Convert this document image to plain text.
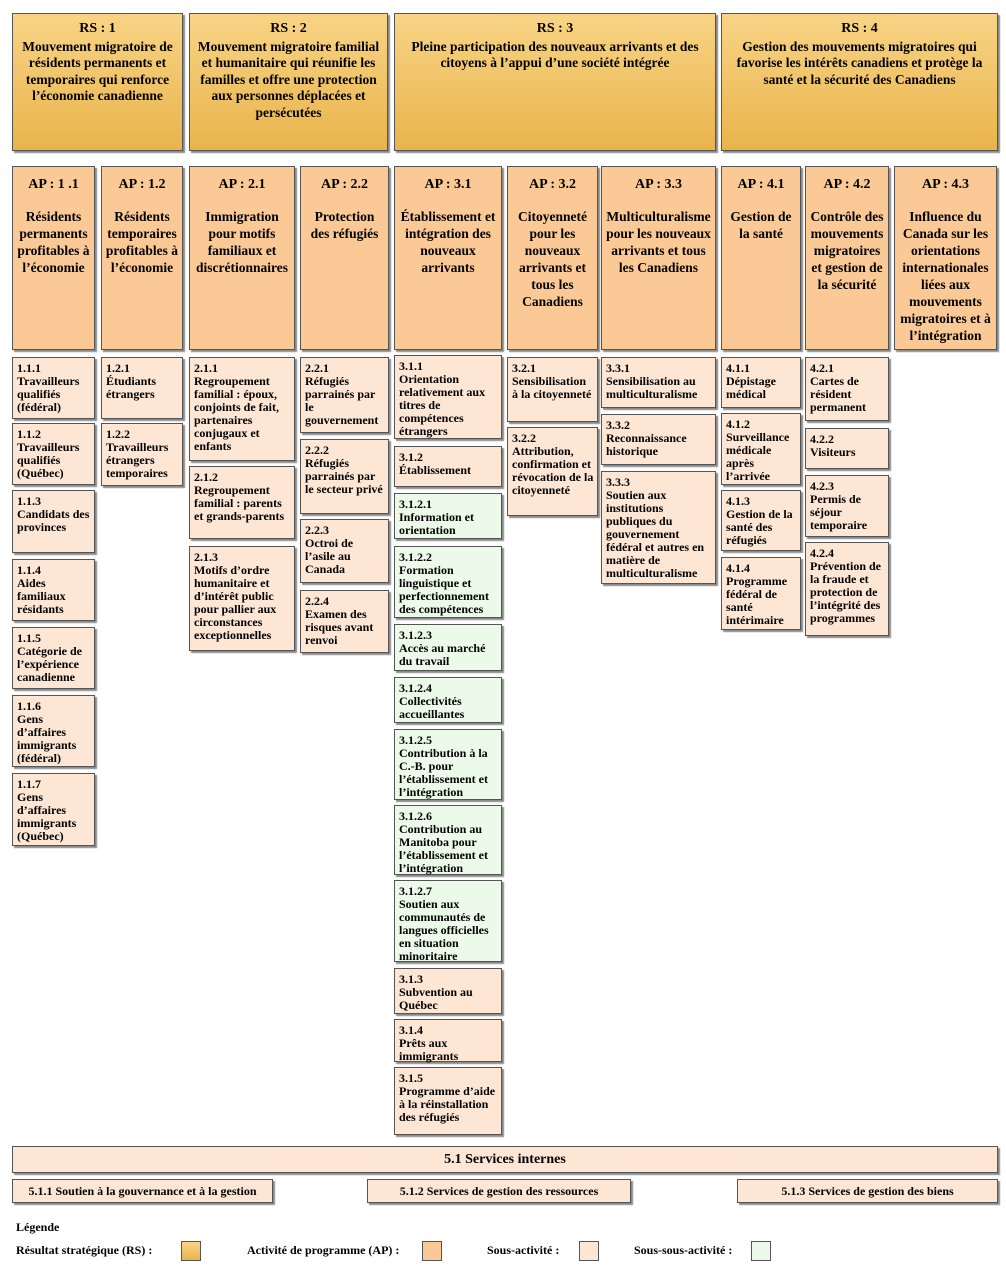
RS : 1
Mouvement migratoire de résidents permanents et temporaires qui renforce l’économie canadienne
RS : 2
Mouvement migratoire familial et humanitaire qui réunifie les familles et offre une protection aux personnes déplacées et persécutées
RS : 3
Pleine participation des nouveaux arrivants et des citoyens à l’appui d’une société intégrée
RS : 4
Gestion des mouvements migratoires qui favorise les intérêts canadiens et protège la santé et la sécurité des Canadiens
AP : 1 .1
Résidents permanents profitables à l’économie
AP : 1.2
Résidents temporaires profitables à l’économie
AP : 2.1
Immigration pour motifs familiaux et discrétionnaires
AP : 2.2
Protection des réfugiés
AP : 3.1
Établissement et intégration des nouveaux arrivants
AP : 3.2
Citoyenneté pour les nouveaux arrivants et tous les Canadiens
AP : 3.3
Multiculturalisme pour les nouveaux arrivants et tous les Canadiens
AP : 4.1
Gestion de la santé
AP : 4.2
Contrôle des mouvements migratoires et gestion de la sécurité
AP : 4.3
Influence du Canada sur les orientations internationales liées aux mouvements migratoires et à l’intégration
1.1.1
Travailleurs qualifiés (fédéral)
1.1.2
Travailleurs qualifiés (Québec)
1.1.3
Candidats des provinces
1.1.4
Aides familiaux résidants
1.1.5
Catégorie de l’expérience canadienne
1.1.6
Gens d’affaires immigrants (fédéral)
1.1.7
Gens d’affaires immigrants (Québec)
1.2.1
Étudiants étrangers
1.2.2
Travailleurs étrangers temporaires
2.1.1
Regroupement familial : époux, conjoints de fait, partenaires conjugaux et enfants
2.1.2
Regroupement familial : parents et grands-parents
2.1.3
Motifs d’ordre humanitaire et d’intérêt public pour pallier aux circonstances exceptionnelles
2.2.1
Réfugiés parrainés par le gouvernement
2.2.2
Réfugiés parrainés par le secteur privé
2.2.3
Octroi de l’asile au Canada
2.2.4
Examen des risques avant renvoi
3.1.1
Orientation relativement aux titres de compétences étrangers
3.1.2
Établissement
3.1.2.1
Information et orientation
3.1.2.2
Formation linguistique et perfectionnement des compétences
3.1.2.3
Accès au marché du travail
3.1.2.4
Collectivités accueillantes
3.1.2.5
Contribution à la C.-B. pour l’établissement et l’intégration
3.1.2.6
Contribution au Manitoba pour l’établissement et l’intégration
3.1.2.7
Soutien aux communautés de langues officielles en situation minoritaire
3.1.3
Subvention au Québec
3.1.4
Prêts aux immigrants
3.1.5
Programme d’aide à la réinstallation des réfugiés
3.2.1
Sensibilisation à la citoyenneté
3.2.2
Attribution, confirmation et révocation de la citoyenneté
3.3.1
Sensibilisation au multiculturalisme
3.3.2
Reconnaissance historique
3.3.3
Soutien aux institutions publiques du gouvernement fédéral et autres en matière de multiculturalisme
4.1.1
Dépistage médical
4.1.2
Surveillance médicale après l’arrivée
4.1.3
Gestion de la santé des réfugiés
4.1.4
Programme fédéral de santé intérimaire
4.2.1
Cartes de résident permanent
4.2.2
Visiteurs
4.2.3
Permis de séjour temporaire
4.2.4
Prévention de la fraude et protection de l’intégrité des programmes
5.1 Services internes
5.1.1 Soutien à la gouvernance et à la gestion	5.1.2 Services de gestion des ressources	5.1.3 Services de gestion des biens
Légende
Résultat stratégique (RS) :	Activité de programme (AP) :	Sous-activité :	Sous-sous-activité :
